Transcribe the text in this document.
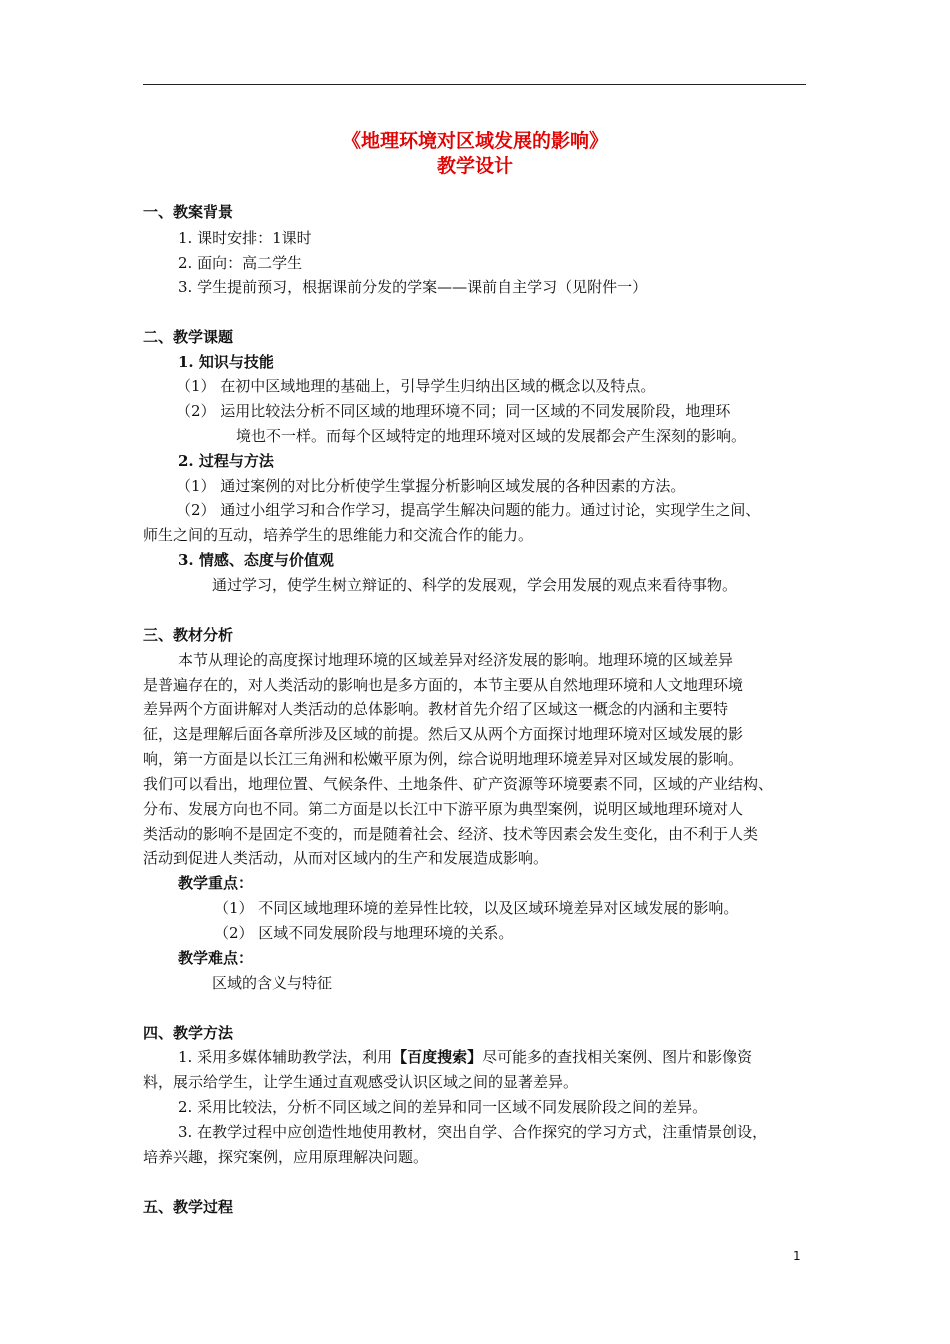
《地理环境对区域发展的影响》
教学设计
一、教案背景
1. 课时安排：1课时
2. 面向：高二学生
3. 学生提前预习，根据课前分发的学案——课前自主学习（见附件一）
二、教学课题
1. 知识与技能
（1） 在初中区域地理的基础上，引导学生归纳出区域的概念以及特点。
（2） 运用比较法分析不同区域的地理环境不同；同一区域的不同发展阶段，地理环
境也不一样。而每个区域特定的地理环境对区域的发展都会产生深刻的影响。
2. 过程与方法
（1） 通过案例的对比分析使学生掌握分析影响区域发展的各种因素的方法。
（2） 通过小组学习和合作学习，提高学生解决问题的能力。通过讨论，实现学生之间、
师生之间的互动，培养学生的思维能力和交流合作的能力。
3. 情感、态度与价值观
通过学习，使学生树立辩证的、科学的发展观，学会用发展的观点来看待事物。
三、教材分析
本节从理论的高度探讨地理环境的区域差异对经济发展的影响。地理环境的区域差异
是普遍存在的，对人类活动的影响也是多方面的，本节主要从自然地理环境和人文地理环境
差异两个方面讲解对人类活动的总体影响。教材首先介绍了区域这一概念的内涵和主要特
征，这是理解后面各章所涉及区域的前提。然后又从两个方面探讨地理环境对区域发展的影
响，第一方面是以长江三角洲和松嫩平原为例，综合说明地理环境差异对区域发展的影响。
我们可以看出，地理位置、气候条件、土地条件、矿产资源等环境要素不同，区域的产业结构、
分布、发展方向也不同。第二方面是以长江中下游平原为典型案例，说明区域地理环境对人
类活动的影响不是固定不变的，而是随着社会、经济、技术等因素会发生变化，由不利于人类
活动到促进人类活动，从而对区域内的生产和发展造成影响。
教学重点：
（1） 不同区域地理环境的差异性比较，以及区域环境差异对区域发展的影响。
（2） 区域不同发展阶段与地理环境的关系。
教学难点：
区域的含义与特征
四、教学方法
1. 采用多媒体辅助教学法，利用【百度搜索】尽可能多的查找相关案例、图片和影像资
料，展示给学生，让学生通过直观感受认识区域之间的显著差异。
2. 采用比较法，分析不同区域之间的差异和同一区域不同发展阶段之间的差异。
3. 在教学过程中应创造性地使用教材，突出自学、合作探究的学习方式，注重情景创设，
培养兴趣，探究案例，应用原理解决问题。
五、教学过程
1
